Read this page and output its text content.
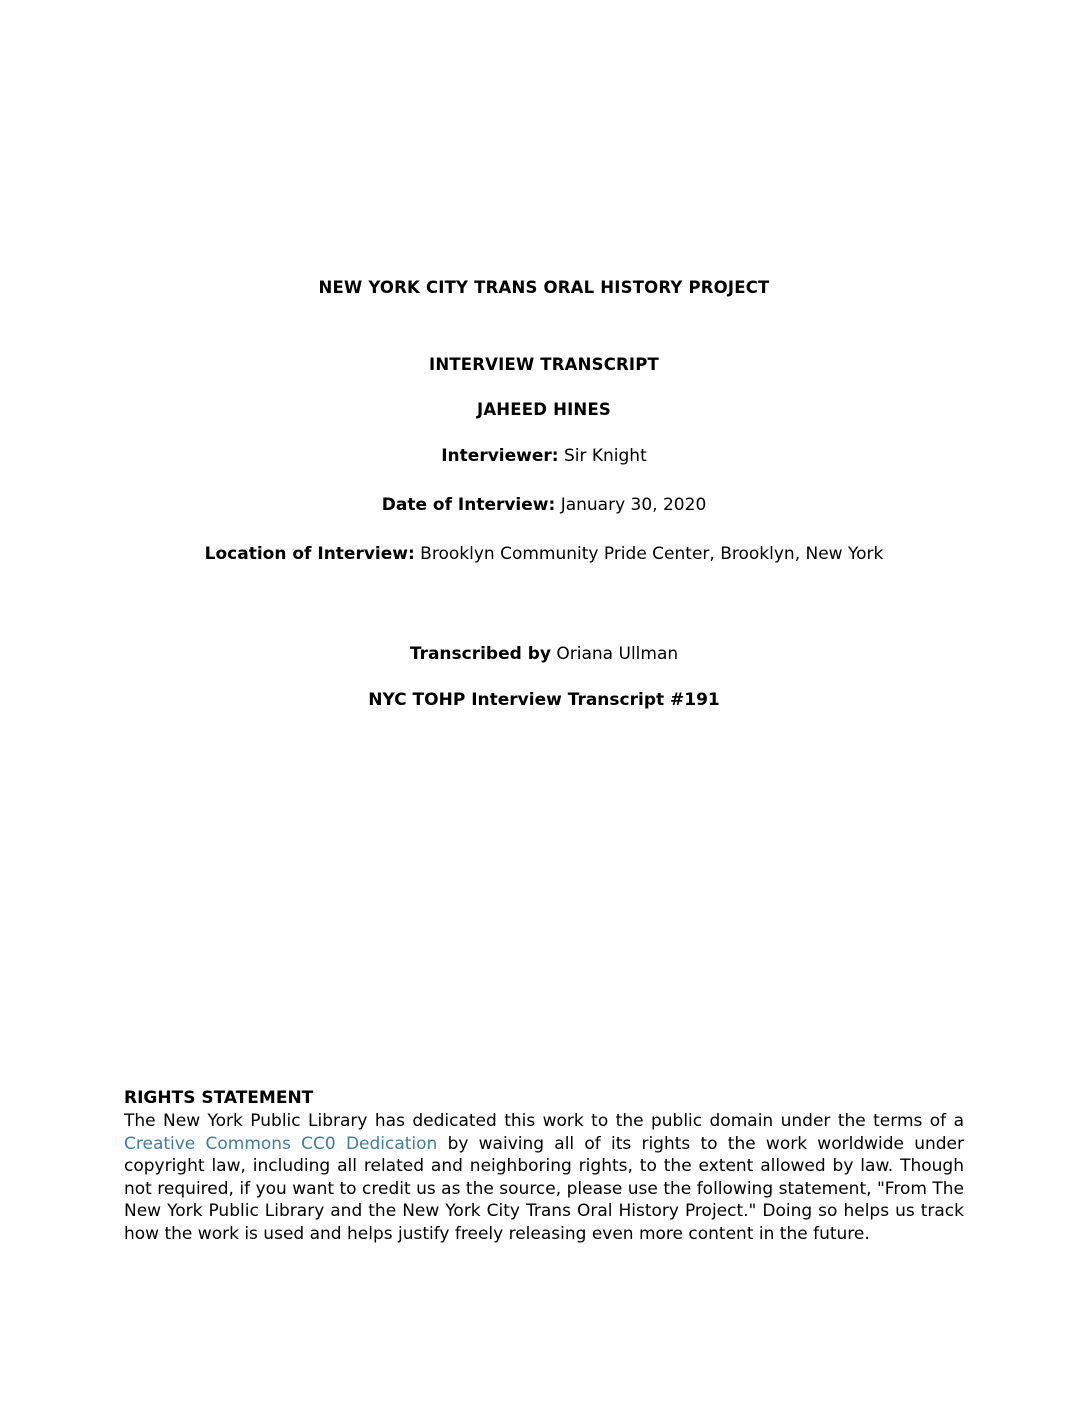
NEW YORK CITY TRANS ORAL HISTORY PROJECT

INTERVIEW TRANSCRIPT

JAHEED HINES

Interviewer: Sir Knight

Date of Interview: January 30, 2020

Location of Interview: Brooklyn Community Pride Center, Brooklyn, New York

Transcribed by Oriana Ullman

NYC TOHP Interview Transcript #191

RIGHTS STATEMENT

The New York Public Library has dedicated this work to the public domain under the terms of a Creative Commons CC0 Dedication by waiving all of its rights to the work worldwide under copyright law, including all related and neighboring rights, to the extent allowed by law. Though not required, if you want to credit us as the source, please use the following statement, "From The New York Public Library and the New York City Trans Oral History Project." Doing so helps us track how the work is used and helps justify freely releasing even more content in the future.
